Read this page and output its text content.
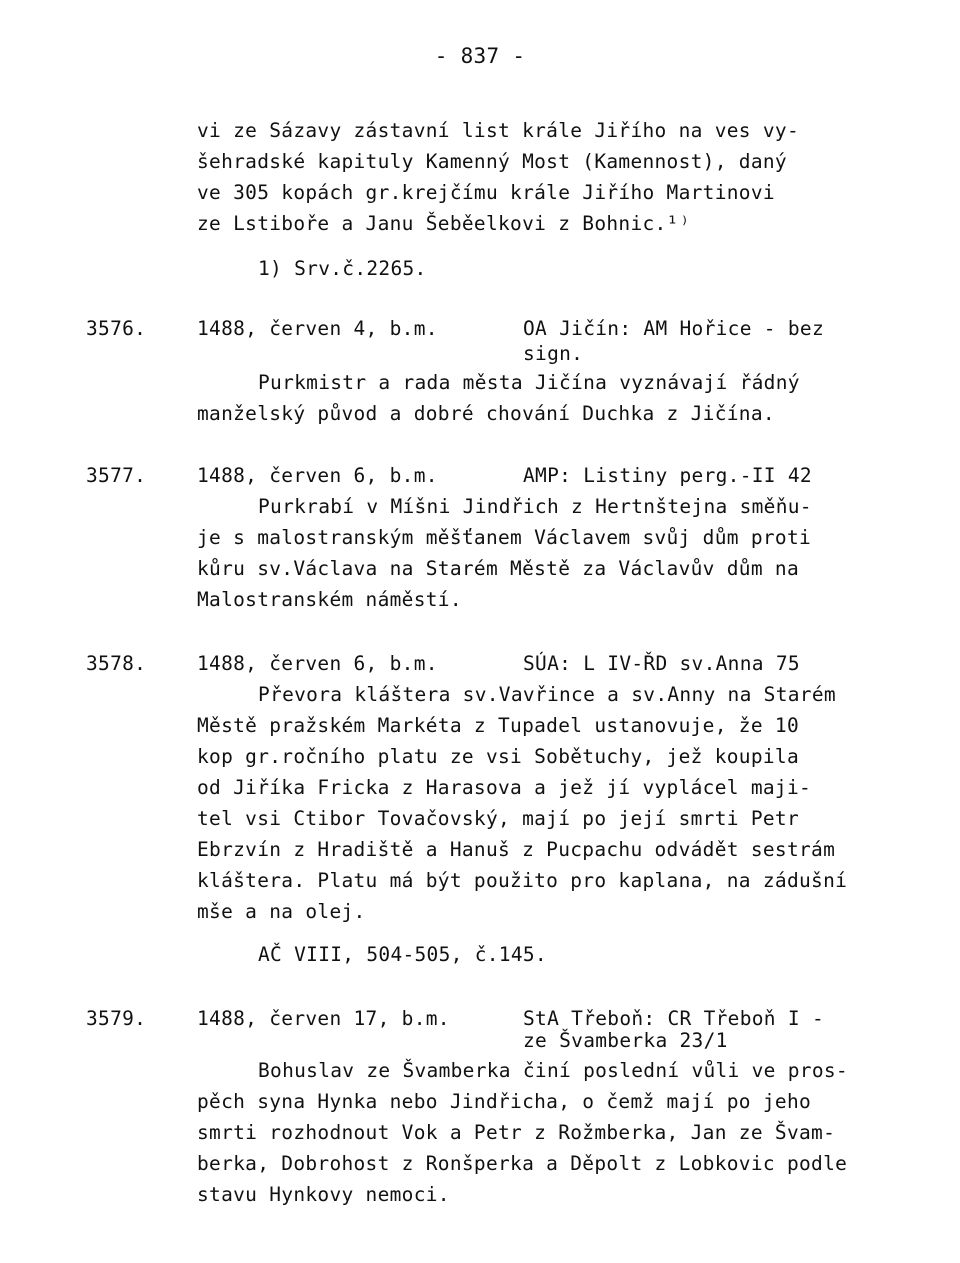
- 837 -
vi ze Sázavy zástavní list krále Jiřího na ves vy-
šehradské kapituly Kamenný Most (Kamennost), daný
ve 305 kopách gr.krejčímu krále Jiřího Martinovi
ze Lstiboře a Janu Šeběelkovi z Bohnic.¹⁾
1) Srv.č.2265.
3576.	1488, červen 4, b.m.	OA Jičín: AM Hořice - bez
sign.
Purkmistr a rada města Jičína vyznávají řádný
manželský původ a dobré chování Duchka z Jičína.
3577.	1488, červen 6, b.m.	AMP: Listiny perg.-II 42
Purkrabí v Míšni Jindřich z Hertnštejna směňu-
je s malostranským měšťanem Václavem svůj dům proti
kůru sv.Václava na Starém Městě za Václavův dům na
Malostranském náměstí.
3578.	1488, červen 6, b.m.	SÚA: L IV-ŘD sv.Anna 75
Převora kláštera sv.Vavřince a sv.Anny na Starém
Městě pražském Markéta z Tupadel ustanovuje, že 10
kop gr.ročního platu ze vsi Sobětuchy, jež koupila
od Jiříka Fricka z Harasova a jež jí vyplácel maji-
tel vsi Ctibor Tovačovský, mají po její smrti Petr
Ebrzvín z Hradiště a Hanuš z Pucpachu odvádět sestrám
kláštera. Platu má být použito pro kaplana, na zádušní
mše a na olej.
AČ VIII, 504-505, č.145.
3579.	1488, červen 17, b.m.	StA Třeboň: CR Třeboň I -
ze Švamberka 23/1
Bohuslav ze Švamberka činí poslední vůli ve pros-
pěch syna Hynka nebo Jindřicha, o čemž mají po jeho
smrti rozhodnout Vok a Petr z Rožmberka, Jan ze Švam-
berka, Dobrohost z Ronšperka a Děpolt z Lobkovic podle
stavu Hynkovy nemoci.
